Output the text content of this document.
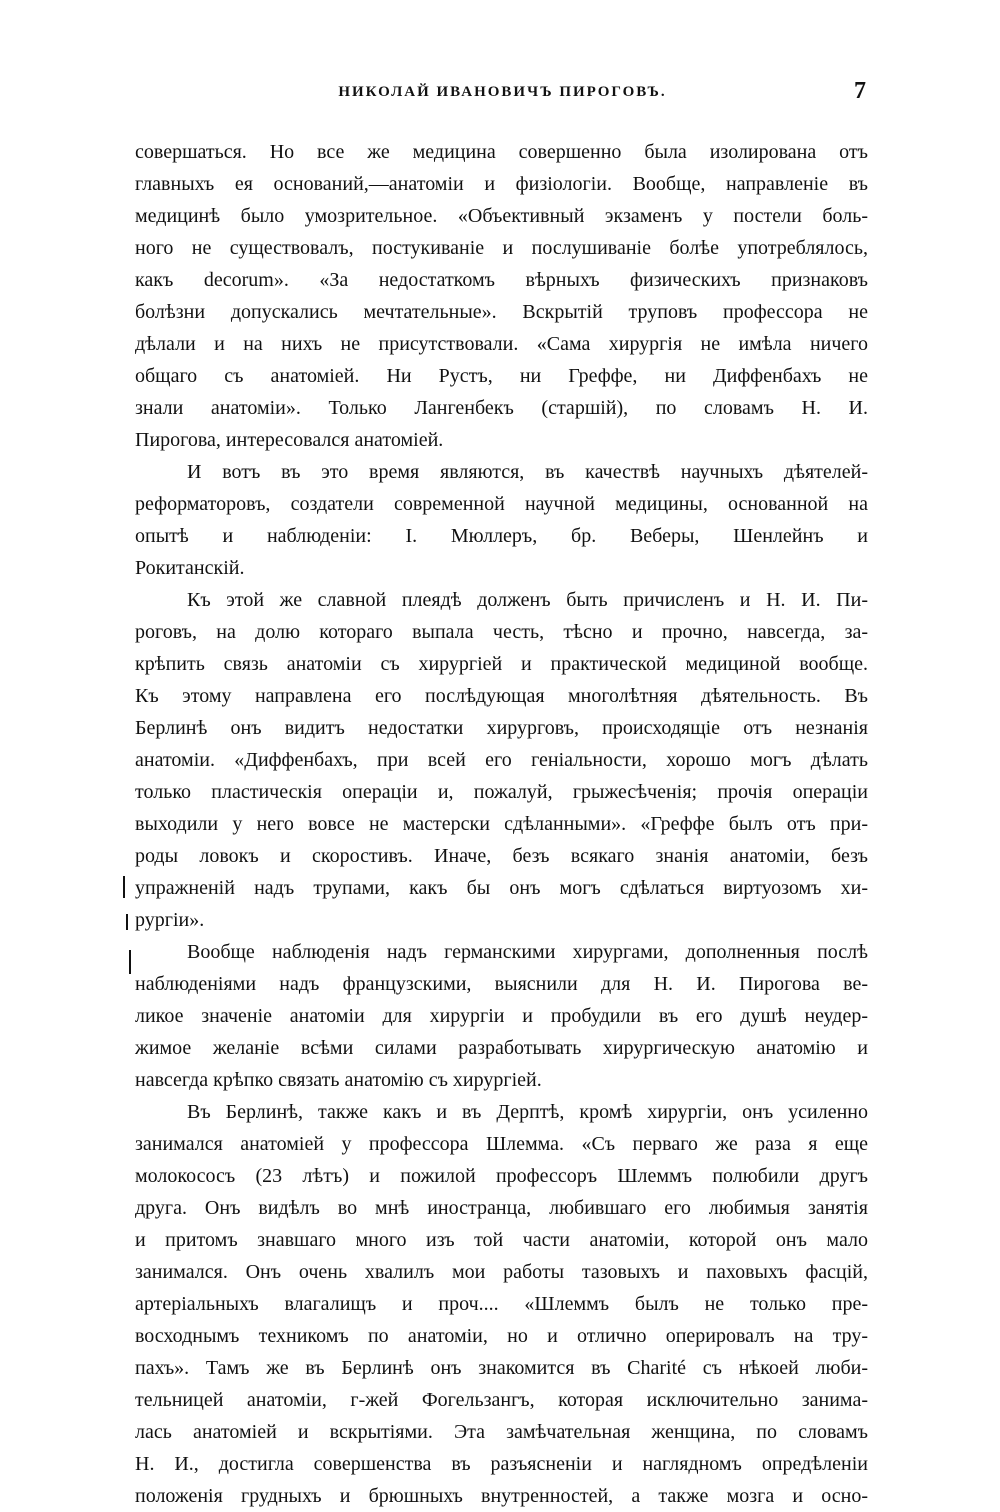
НИКОЛАЙ ИВАНОВИЧЪ ПИРОГОВЪ.	7
совершаться. Но все же медицина совершенно была изолирована отъ
главныхъ ея оснований,—анатоміи и физіологіи. Вообще, направленіе въ
медицинѣ было умозрительное. «Объективный экзаменъ у постели боль-
ного не существовалъ, постукиваніе и послушиваніе болѣе употреблялось,
какъ decorum». «За недостаткомъ вѣрныхъ физическихъ признаковъ
болѣзни допускались мечтательные». Вскрытій труповъ профессора не
дѣлали и на нихъ не присутствовали. «Сама хирургія не имѣла ничего
общаго съ анатоміей. Ни Рустъ, ни Греффе, ни Диффенбахъ не
знали анатоміи». Только Лангенбекъ (старшій), по словамъ Н. И.
Пирогова, интересовался анатоміей.
И вотъ въ это время являются, въ качествѣ научныхъ дѣятелей-
реформаторовъ, создатели современной научной медицины, основанной на
опытѣ и наблюденіи: І. Мюллеръ, бр. Веберы, Шенлейнъ и
Рокитанскій.
Къ этой же славной плеядѣ долженъ быть причисленъ и Н. И. Пи-
роговъ, на долю котораго выпала честь, тѣсно и прочно, навсегда, за-
крѣпить связь анатоміи съ хирургіей и практической медициной вообще.
Къ этому направлена его послѣдующая многолѣтняя дѣятельность. Въ
Берлинѣ онъ видитъ недостатки хирурговъ, происходящіе отъ незнанія
анатоміи. «Диффенбахъ, при всей его геніальности, хорошо могъ дѣлать
только пластическія операціи и, пожалуй, грыжесѣченія; прочія операціи
выходили у него вовсе не мастерски сдѣланными». «Греффе былъ отъ при-
роды ловокъ и скоростивъ. Иначе, безъ всякаго знанія анатоміи, безъ
упражненій надъ трупами, какъ бы онъ могъ сдѣлаться виртуозомъ хи-
рургіи».
Вообще наблюденія надъ германскими хирургами, дополненныя послѣ
наблюденіями надъ французскими, выяснили для Н. И. Пирогова ве-
ликое значеніе анатоміи для хирургіи и пробудили въ его душѣ неудер-
жимое желаніе всѣми силами разработывать хирургическую анатомію и
навсегда крѣпко связать анатомію съ хирургіей.
Въ Берлинѣ, также какъ и въ Дерптѣ, кромѣ хирургіи, онъ усиленно
занимался анатоміей у профессора Шлемма. «Съ перваго же раза я еще
молокососъ (23 лѣтъ) и пожилой профессоръ Шлеммъ полюбили другъ
друга. Онъ видѣлъ во мнѣ иностранца, любившаго его любимыя занятія
и притомъ знавшаго много изъ той части анатоміи, которой онъ мало
занимался. Онъ очень хвалилъ мои работы тазовыхъ и паховыхъ фасцій,
артеріальныхъ влагалищъ и проч.... «Шлеммъ былъ не только пре-
восходнымъ техникомъ по анатоміи, но и отлично оперировалъ на тру-
пахъ». Тамъ же въ Берлинѣ онъ знакомится въ Charité съ нѣкоей люби-
тельницей анатоміи, г-жей Фогельзангъ, которая исключительно занима-
лась анатоміей и вскрытіями. Эта замѣчательная женщина, по словамъ
Н. И., достигла совершенства въ разъясненіи и наглядномъ опредѣленіи
положенія грудныхъ и брюшныхъ внутренностей, а также мозга и осно-
